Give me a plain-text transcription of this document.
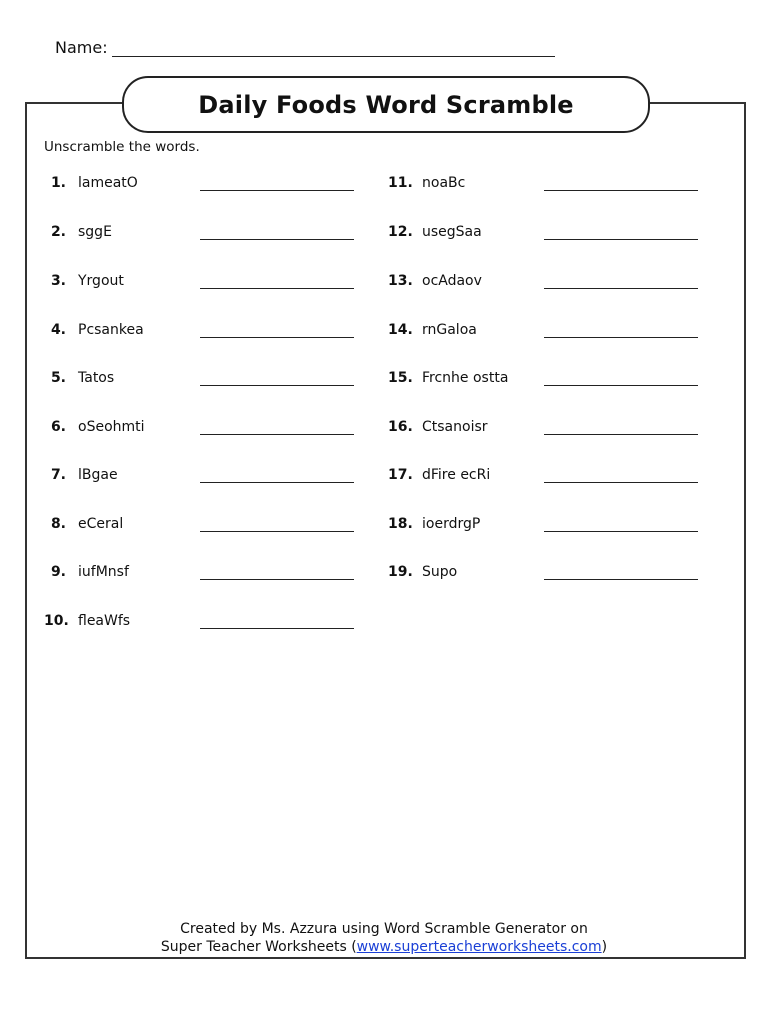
Name:
Daily Foods Word Scramble
Unscramble the words.
1. lameatO
2. sggE
3. Yrgout
4. Pcsankea
5. Tatos
6. oSeohmti
7. lBgae
8. eCeral
9. iufMnsf
10. fleaWfs
11. noaBc
12. usegSaa
13. ocAdaov
14. rnGaloa
15. Frcnhe ostta
16. Ctsanoisr
17. dFire ecRi
18. ioerdrgP
19. Supo
Created by Ms. Azzura using Word Scramble Generator on
Super Teacher Worksheets (www.superteacherworksheets.com)
